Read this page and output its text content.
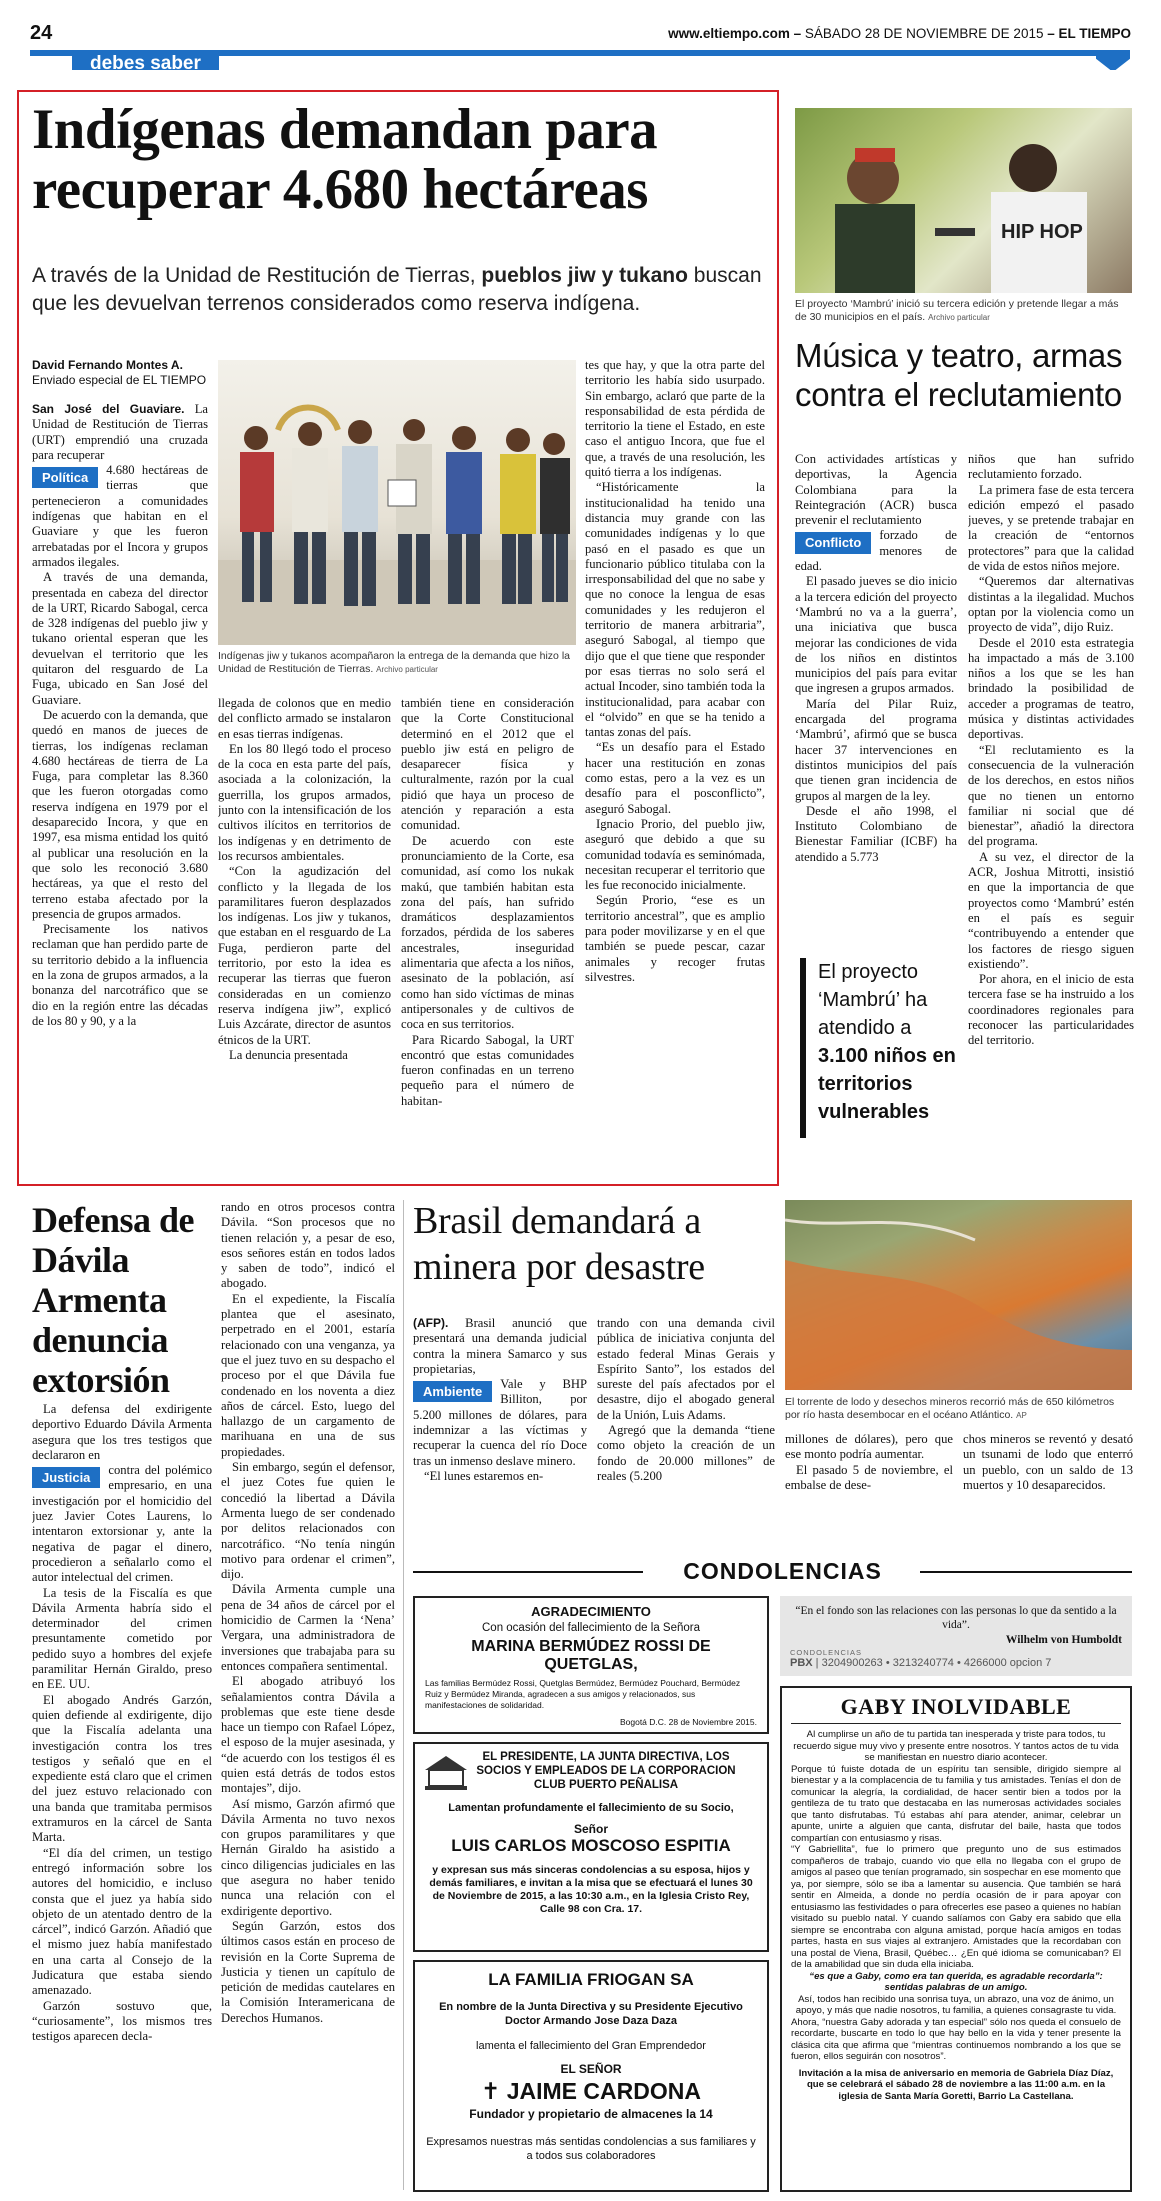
24	www.eltiempo.com – SÁBADO 28 DE NOVIEMBRE DE 2015 – EL TIEMPO
debes saber
Indígenas demandan para recuperar 4.680 hectáreas
A través de la Unidad de Restitución de Tierras, pueblos jiw y tukano buscan que les devuelvan terrenos considerados como reserva indígena.
David Fernando Montes A.
Enviado especial de EL TIEMPO

San José del Guaviare. La Unidad de Restitución de Tierras (URT) emprendió una cruzada para recuperar

Política	4.680 hectáreas de tierras que pertenecieron a comunidades indígenas que habitan en el Guaviare y que les fueron arrebatadas por el Incora y grupos armados ilegales.

A través de una demanda, presentada en cabeza del director de la URT, Ricardo Sabogal, cerca de 328 indígenas del pueblo jiw y tukano oriental esperan que les devuelvan el territorio que les quitaron del resguardo de La Fuga, ubicado en San José del Guaviare.

De acuerdo con la demanda, que quedó en manos de jueces de tierras, los indígenas reclaman 4.680 hectáreas de tierra de La Fuga, para completar las 8.360 que les fueron otorgadas como reserva indígena en 1979 por el desaparecido Incora, y que en 1997, esa misma entidad los quitó al publicar una resolución en la que solo les reconoció 3.680 hectáreas, ya que el resto del terreno estaba afectado por la presencia de grupos armados.

Precisamente los nativos reclaman que han perdido parte de su territorio debido a la influencia en la zona de grupos armados, a la bonanza del narcotráfico que se dio en la región entre las décadas de los 80 y 90, y a la

Indígenas jiw y tukanos acompañaron la entrega de la demanda que hizo la Unidad de Restitución de Tierras. Archivo particular

llegada de colonos que en medio del conflicto armado se instalaron en esas tierras indígenas.

En los 80 llegó todo el proceso de la coca en esta parte del país, asociada a la colonización, la guerrilla, los grupos armados, junto con la intensificación de los cultivos ilícitos en territorios de los indígenas y en detrimento de los recursos ambientales.

“Con la agudización del conflicto y la llegada de los paramilitares fueron desplazados los indígenas. Los jiw y tukanos, que estaban en el resguardo de La Fuga, perdieron parte del territorio, por esto la idea es recuperar las tierras que fueron consideradas en un comienzo reserva indígena jiw”, explicó Luis Azcárate, director de asuntos étnicos de la URT.

La denuncia presentada

también tiene en consideración que la Corte Constitucional determinó en el 2012 que el pueblo jiw está en peligro de desaparecer física y culturalmente, razón por la cual pidió que haya un proceso de atención y reparación a esta comunidad.

De acuerdo con este pronunciamiento de la Corte, esa comunidad, así como los nukak makú, que también habitan esta zona del país, han sufrido dramáticos desplazamientos forzados, pérdida de los saberes ancestrales, inseguridad alimentaria que afecta a los niños, asesinato de la población, así como han sido víctimas de minas antipersonales y de cultivos de coca en sus territorios.

Para Ricardo Sabogal, la URT encontró que estas comunidades fueron confinadas en un terreno pequeño para el número de habitan-

tes que hay, y que la otra parte del territorio les había sido usurpado. Sin embargo, aclaró que parte de la responsabilidad de esta pérdida de territorio la tiene el Estado, en este caso el antiguo Incora, que fue el que, a través de una resolución, les quitó tierra a los indígenas.

“Históricamente la institucionalidad ha tenido una distancia muy grande con las comunidades indígenas y lo que pasó en el pasado es que un funcionario público titulaba con la irresponsabilidad del que no sabe y que no conoce la lengua de esas comunidades y les redujeron el territorio de manera arbitraria”, aseguró Sabogal, al tiempo que dijo que el que tiene que responder por esas tierras no solo será el actual Incoder, sino también toda la institucionalidad, para acabar con el “olvido” en que se ha tenido a tantas zonas del país.

“Es un desafío para el Estado hacer una restitución en zonas como estas, pero a la vez es un desafío para el posconflicto”, aseguró Sabogal.

Ignacio Prorio, del pueblo jiw, aseguró que debido a que su comunidad todavía es seminómada, necesitan recuperar el territorio que les fue reconocido inicialmente.

Según Prorio, “ese es un territorio ancestral”, que es amplio para poder movilizarse y en el que también se puede pescar, cazar animales y recoger frutas silvestres.

HIP HOP
El proyecto ‘Mambrú’ inició su tercera edición y pretende llegar a más de 30 municipios en el país. Archivo particular
Música y teatro, armas contra el reclutamiento

Con actividades artísticas y deportivas, la Agencia Colombiana para la Reintegración (ACR) busca prevenir el reclutamiento

Conflicto	forzado de menores de edad.

El pasado jueves se dio inicio a la tercera edición del proyecto ‘Mambrú no va a la guerra’, una iniciativa que busca mejorar las condiciones de vida de los niños en distintos municipios del país para evitar que ingresen a grupos armados.

María del Pilar Ruiz, encargada del programa ‘Mambrú’, afirmó que se busca hacer 37 intervenciones en distintos municipios del país que tienen gran incidencia de grupos al margen de la ley.

Desde el año 1998, el Instituto Colombiano de Bienestar Familiar (ICBF) ha atendido a 5.773

El proyecto ‘Mambrú’ ha atendido a 3.100 niños en territorios vulnerables

niños que han sufrido reclutamiento forzado.

La primera fase de esta tercera edición empezó el pasado jueves, y se pretende trabajar en la creación de “entornos protectores” para que la calidad de vida de estos niños mejore.

“Queremos dar alternativas distintas a la ilegalidad. Muchos optan por la violencia como un proyecto de vida”, dijo Ruiz.

Desde el 2010 esta estrategia ha impactado a más de 3.100 niños a los que se les han brindado la posibilidad de acceder a programas de teatro, música y distintas actividades deportivas.

“El reclutamiento es la consecuencia de la vulneración de los derechos, en estos niños que no tienen un entorno familiar ni social que dé bienestar”, añadió la directora del programa.

A su vez, el director de la ACR, Joshua Mitrotti, insistió en que la importancia de que proyectos como ‘Mambrú’ estén en el país es seguir “contribuyendo a entender que los factores de riesgo siguen existiendo”.

Por ahora, en el inicio de esta tercera fase se ha instruido a los coordinadores regionales para reconocer las particularidades del territorio.

Defensa de Dávila Armenta denuncia extorsión

La defensa del exdirigente deportivo Eduardo Dávila Armenta asegura que los tres testigos que declararon en

Justicia	contra del polémico empresario, en una investigación por el homicidio del juez Javier Cotes Laurens, lo intentaron extorsionar y, ante la negativa de pagar el dinero, procedieron a señalarlo como el autor intelectual del crimen.

La tesis de la Fiscalía es que Dávila Armenta habría sido el determinador del crimen presuntamente cometido por pedido suyo a hombres del exjefe paramilitar Hernán Giraldo, preso en EE. UU.

El abogado Andrés Garzón, quien defiende al exdirigente, dijo que la Fiscalía adelanta una investigación contra los tres testigos y señaló que en el expediente está claro que el crimen del juez estuvo relacionado con una banda que tramitaba permisos extramuros en la cárcel de Santa Marta.

“El día del crimen, un testigo entregó información sobre los autores del homicidio, e incluso consta que el juez ya había sido objeto de un atentado dentro de la cárcel”, indicó Garzón. Añadió que el mismo juez había manifestado en una carta al Consejo de la Judicatura que estaba siendo amenazado.

Garzón sostuvo que, “curiosamente”, los mismos tres testigos aparecen decla-

rando en otros procesos contra Dávila. “Son procesos que no tienen relación y, a pesar de eso, esos señores están en todos lados y saben de todo”, indicó el abogado.

En el expediente, la Fiscalía plantea que el asesinato, perpetrado en el 2001, estaría relacionado con una venganza, ya que el juez tuvo en su despacho el proceso por el que Dávila fue condenado en los noventa a diez años de cárcel. Esto, luego del hallazgo de un cargamento de marihuana en una de sus propiedades.

Sin embargo, según el defensor, el juez Cotes fue quien le concedió la libertad a Dávila Armenta luego de ser condenado por delitos relacionados con narcotráfico. “No tenía ningún motivo para ordenar el crimen”, dijo.

Dávila Armenta cumple una pena de 34 años de cárcel por el homicidio de Carmen la ‘Nena’ Vergara, una administradora de inversiones que trabajaba para su entonces compañera sentimental.

El abogado atribuyó los señalamientos contra Dávila a problemas que este tiene desde hace un tiempo con Rafael López, el esposo de la mujer asesinada, y “de acuerdo con los testigos él es quien está detrás de todos estos montajes”, dijo.

Así mismo, Garzón afirmó que Dávila Armenta no tuvo nexos con grupos paramilitares y que Hernán Giraldo ha asistido a cinco diligencias judiciales en las que asegura no haber tenido nunca una relación con el exdirigente deportivo.

Según Garzón, estos dos últimos casos están en proceso de revisión en la Corte Suprema de Justicia y tienen un capítulo de petición de medidas cautelares en la Comisión Interamericana de Derechos Humanos.

Brasil demandará a minera por desastre

(AFP). Brasil anunció que presentará una demanda judicial contra la minera Samarco y sus propietarias,

Ambiente	Vale y BHP Billiton, por 5.200 millones de dólares, para indemnizar a las víctimas y recuperar la cuenca del río Doce tras un inmenso deslave minero.

“El lunes estaremos en-

trando con una demanda civil pública de iniciativa conjunta del estado federal Minas Gerais y Espírito Santo”, los estados del sureste del país afectados por el desastre, dijo el abogado general de la Unión, Luis Adams.

Agregó que la demanda “tiene como objeto la creación de un fondo de 20.000 millones” de reales (5.200

El torrente de lodo y desechos mineros recorrió más de 650 kilómetros por río hasta desembocar en el océano Atlántico. AP

millones de dólares), pero que ese monto podría aumentar.

El pasado 5 de noviembre, el embalse de dese-

chos mineros se reventó y desató un tsunami de lodo que enterró un pueblo, con un saldo de 13 muertos y 10 desaparecidos.

CONDOLENCIAS
AGRADECIMIENTO
Con ocasión del fallecimiento de la Señora
MARINA BERMÚDEZ ROSSI DE QUETGLAS,
Las familias Bermúdez Rossi, Quetglas Bermúdez, Bermúdez Pouchard, Bermúdez Ruiz y Bermúdez Miranda, agradecen a sus amigos y relacionados, sus manifestaciones de solidaridad.
Bogotá D.C. 28 de Noviembre 2015.
EL PRESIDENTE, LA JUNTA DIRECTIVA, LOS SOCIOS Y EMPLEADOS DE LA CORPORACION CLUB PUERTO PEÑALISA
Lamentan profundamente el fallecimiento de su Socio,
Señor
LUIS CARLOS MOSCOSO ESPITIA
y expresan sus más sinceras condolencias a su esposa, hijos y demás familiares, e invitan a la misa que se efectuará el lunes 30 de Noviembre de 2015, a las 10:30 a.m., en la Iglesia Cristo Rey, Calle 98 con Cra. 17.
LA FAMILIA FRIOGAN SA
En nombre de la Junta Directiva y su Presidente Ejecutivo Doctor Armando Jose Daza Daza
lamenta el fallecimiento del Gran Emprendedor
EL SEÑOR
✝ JAIME CARDONA
Fundador y propietario de almacenes la 14
Expresamos nuestras más sentidas condolencias a sus familiares y a todos sus colaboradores
“En el fondo son las relaciones con las personas lo que da sentido a la vida”.
Wilhelm von Humboldt
CONDOLENCIAS
PBX | 3204900263 • 3213240774 • 4266000 opcion 7
GABY INOLVIDABLE
Al cumplirse un año de tu partida tan inesperada y triste para todos, tu recuerdo sigue muy vivo y presente entre nosotros. Y tantos actos de tu vida se manifiestan en nuestro diario acontecer.
Porque tú fuiste dotada de un espíritu tan sensible, dirigido siempre al bienestar y a la complacencia de tu familia y tus amistades. Tenías el don de comunicar la alegría, la cordialidad, de hacer sentir bien a todos por la gentileza de tu trato que destacaba en las numerosas actividades sociales que tanto disfrutabas. Tú estabas ahí para atender, animar, celebrar un apunte, unirte a alguien que canta, disfrutar del baile, hasta que todos compartían con entusiasmo y risas.
“Y Gabriellita”, fue lo primero que pregunto uno de sus estimados compañeros de trabajo, cuando vio que ella no llegaba con el grupo de amigos al paseo que tenían programado, sin sospechar en ese momento que ya, por siempre, sólo se iba a lamentar su ausencia. Que también se hará sentir en Almeida, a donde no perdía ocasión de ir para apoyar con entusiasmo las festividades o para ofrecerles ese paseo a quienes no habían visitado su pueblo natal. Y cuando salíamos con Gaby era sabido que ella siempre se encontraba con alguna amistad, porque hacía amigos en todas partes, hasta en sus viajes al extranjero. Amistades que la recordaban con una postal de Viena, Brasil, Québec… ¿En qué idioma se comunicaban? El de la amabilidad que sin duda ella iniciaba.
“es que a Gaby, como era tan querida, es agradable recordarla”: sentidas palabras de un amigo.
Así, todos han recibido una sonrisa tuya, un abrazo, una voz de ánimo, un apoyo, y más que nadie nosotros, tu familia, a quienes consagraste tu vida.
Ahora, “nuestra Gaby adorada y tan especial” sólo nos queda el consuelo de recordarte, buscarte en todo lo que hay bello en la vida y tener presente la clásica cita que afirma que “mientras continuemos nombrando a los que se fueron, ellos seguirán con nosotros”.
Invitación a la misa de aniversario en memoria de Gabriela Díaz Díaz, que se celebrará el sábado 28 de noviembre a las 11:00 a.m. en la iglesia de Santa María Goretti, Barrio La Castellana.
